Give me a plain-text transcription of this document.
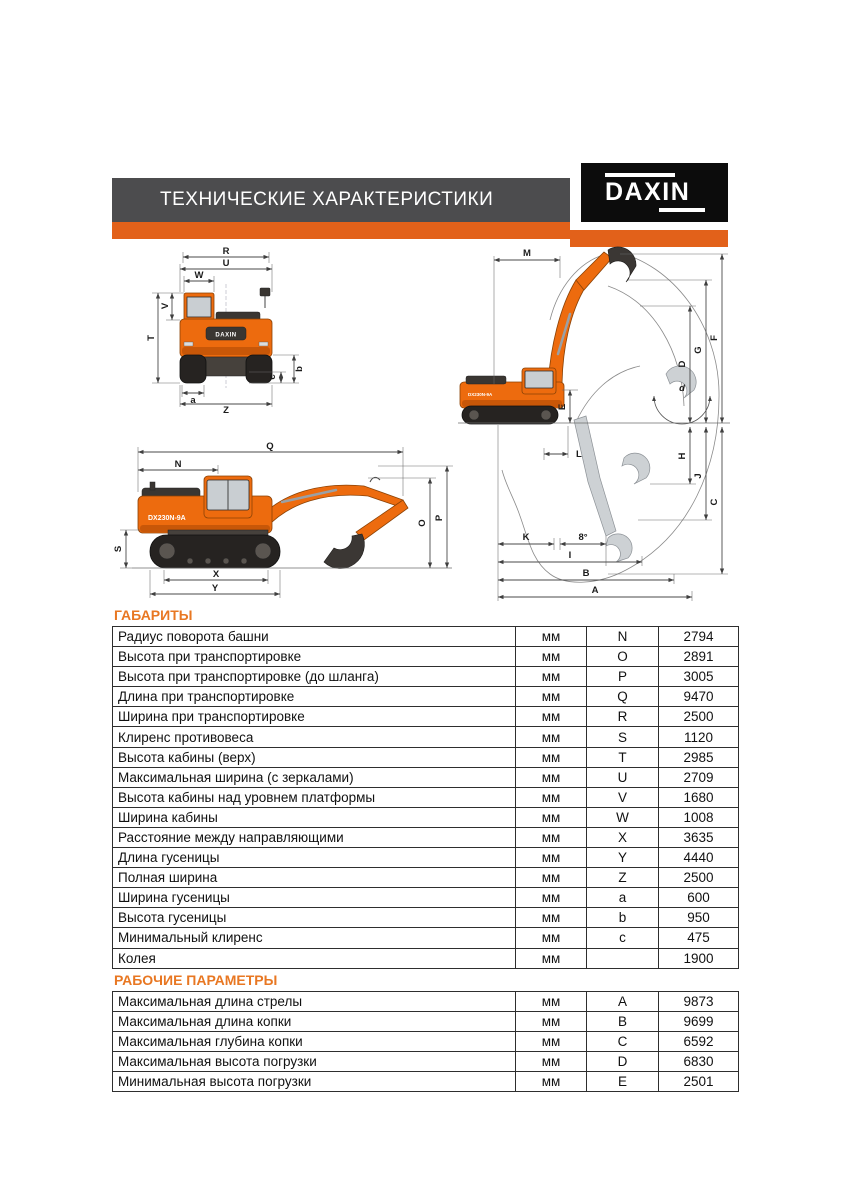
ТЕХНИЧЕСКИЕ ХАРАКТЕРИСТИКИ	DAXIN
DAXIN
R
U
W
V
T
a
Z
b
c
DX230N-9A
Q
N
S
X
Y
O
P
d
DX230N-9A
M
E
L
D
G
F
H
J
C
K	8°
I
B
A
ГАБАРИТЫ
Радиус поворота башни	мм	N	2794
Высота при транспортировке	мм	O	2891
Высота при транспортировке (до шланга)	мм	P	3005
Длина при транспортировке	мм	Q	9470
Ширина при транспортировке	мм	R	2500
Клиренс противовеса	мм	S	1120
Высота кабины (верх)	мм	T	2985
Максимальная ширина (с зеркалами)	мм	U	2709
Высота кабины над уровнем платформы	мм	V	1680
Ширина кабины	мм	W	1008
Расстояние между направляющими	мм	X	3635
Длина гусеницы	мм	Y	4440
Полная ширина	мм	Z	2500
Ширина гусеницы	мм	a	600
Высота гусеницы	мм	b	950
Минимальный клиренс	мм	c	475
Колея	мм		1900
РАБОЧИЕ ПАРАМЕТРЫ
Максимальная длина стрелы	мм	A	9873
Максимальная длина копки	мм	B	9699
Максимальная глубина копки	мм	C	6592
Максимальная высота погрузки	мм	D	6830
Минимальная высота погрузки	мм	E	2501
